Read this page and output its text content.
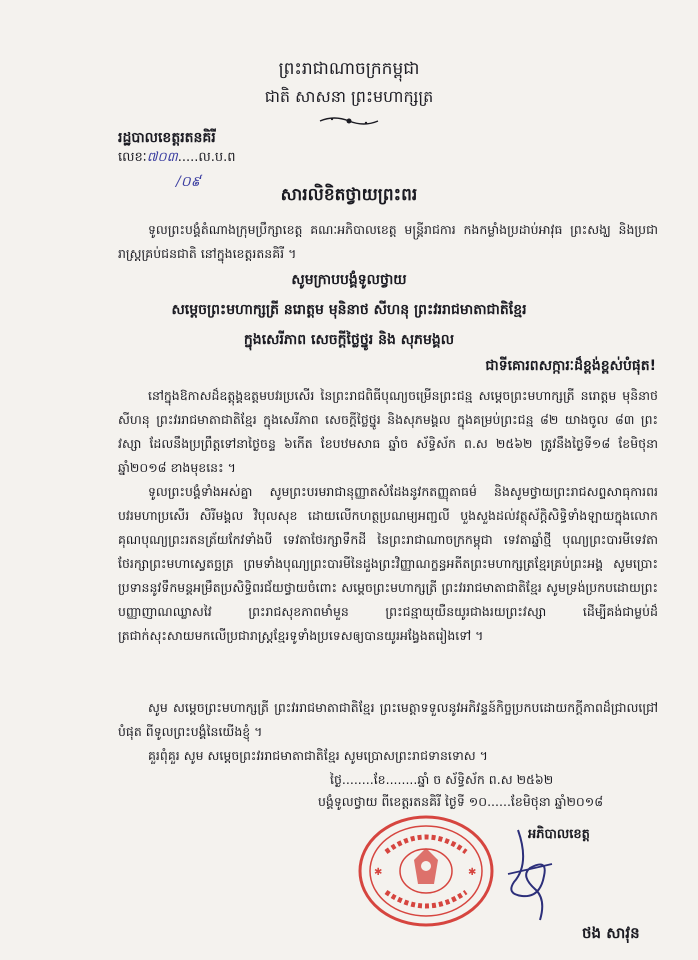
ព្រះរាជាណាចក្រកម្ពុជា
ជាតិ សាសនា ព្រះមហាក្សត្រ
រដ្ឋបាលខេត្តរតនគិរី
លេខៈ៧០៣.....ល.ប.ព
/០៩
សារលិខិតថ្វាយព្រះពរ
ទូលព្រះបង្គំតំណាងក្រុមប្រឹក្សាខេត្ត គណៈអភិបាលខេត្ត មន្ត្រីរាជការ កងកម្លាំងប្រដាប់អាវុធ ព្រះសង្ឃ និងប្រជារាស្ត្រគ្រប់ជនជាតិ នៅក្នុងខេត្តរតនគិរី ។
សូមក្រាបបង្គំទូលថ្វាយ
សម្តេចព្រះមហាក្សត្រី នរោត្តម មុនិនាថ សីហនុ ព្រះវររាជមាតាជាតិខ្មែរ
ក្នុងសេរីភាព សេចក្តីថ្លៃថ្នូរ និង សុភមង្គល
ជាទីគោរពសក្ការៈដ៏ខ្ពង់ខ្ពស់បំផុត!
នៅក្នុងឱកាសដ៏ឧត្តុង្គឧត្តមបវរប្រសើរ នៃព្រះរាជពិធីបុណ្យចម្រើនព្រះជន្ម សម្តេចព្រះមហាក្សត្រី នរោត្តម មុនិនាថ សីហនុ ព្រះវររាជមាតាជាតិខ្មែរ ក្នុងសេរីភាព សេចក្តីថ្លៃថ្នូរ និងសុភមង្គល ក្នុងគម្រប់ព្រះជន្ម ៨២ យាងចូល ៨៣ ព្រះវស្សា ដែលនឹងប្រព្រឹត្តទៅនាថ្ងៃចន្ទ ៦កើត ខែបឋមសាធ ឆ្នាំច ស័ទ្ធិស័ក ព.ស ២៥៦២ ត្រូវនឹងថ្ងៃទី១៨ ខែមិថុនា ឆ្នាំ២០១៨ ខាងមុខនេះ ។
ទូលព្រះបង្គំទាំងអស់គ្នា សូមព្រះបរមរាជានុញ្ញាតសំដែងនូវកតញ្ញុតាធម៌ និងសូមថ្វាយព្រះរាជសព្ទសាធុការពរ បវរមហាប្រសើរ សិរីមង្គល វិបុលសុខ ដោយលើកហត្ថប្រណម្យអញ្ជលី បួងសួងដល់វត្ថុស័ក្តិសិទ្ធិទាំងឡាយក្នុងលោក គុណបុណ្យព្រះរតនត្រ័យកែវទាំងបី ទេវតាថែរក្សាទឹកដី នៃព្រះរាជាណាចក្រកម្ពុជា ទេវតាឆ្នាំថ្មី បុណ្យព្រះបារមីទេវតាថែរក្សាព្រះមហាស្វេតច្ឆត្រ ព្រមទាំងបុណ្យព្រះបារមីនៃដួងព្រះវិញ្ញាណក្ខន្ធអតីតព្រះមហាក្សត្រខ្មែរគ្រប់ព្រះអង្គ សូមប្រោះប្រទាននូវទឹកមន្តអម្រឹតប្រសិទ្ធិពរជ័យថ្វាយចំពោះ សម្តេចព្រះមហាក្សត្រី ព្រះវររាជមាតាជាតិខ្មែរ សូមទ្រង់ប្រកបដោយព្រះបញ្ញាញាណឈ្លាសវៃ ព្រះរាជសុខភាពមាំមួន ព្រះជន្មាយុយឺនយូរជាងរយព្រះវស្សា ដើម្បីគង់ជាម្លប់ដ៏ត្រជាក់សុះសាយមកលើប្រជារាស្ត្រខ្មែរទូទាំងប្រទេសឲ្យបានយូរអង្វែងតរៀងទៅ ។
សូម សម្តេចព្រះមហាក្សត្រី ព្រះវររាជមាតាជាតិខ្មែរ ព្រះមេត្តាទទួលនូវអភិវន្ទន៍កិច្ចប្រកបដោយកក្តីភាពដ៏ជ្រាលជ្រៅបំផុត ពីទូលព្រះបង្គំនៃយើងខ្ញុំ ។
គួរពុំគួរ សូម សម្តេចព្រះវររាជមាតាជាតិខ្មែរ សូមប្រោសព្រះរាជទានទោស ។
ថ្ងៃ........ខែ........ឆ្នាំ ច ស័ទ្ធិស័ក ព.ស ២៥៦២
បង្គំទូលថ្វាយ ពីខេត្តរតនគិរី ថ្ងៃទី ១០......ខែមិថុនា ឆ្នាំ២០១៨
✱	✱
អភិបាលខេត្ត
ថង សាវុន
